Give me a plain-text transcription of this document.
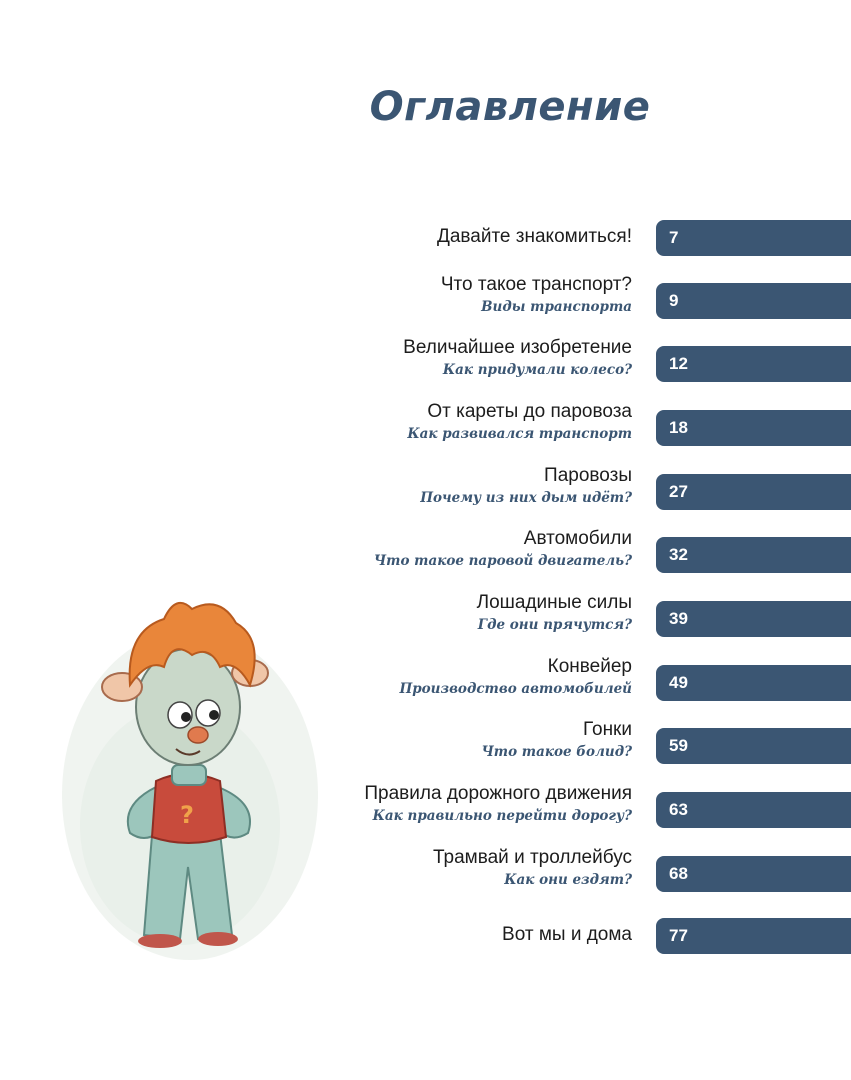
Оглавление
Давайте знакомиться! 7
Что такое транспорт?
Виды транспорта 9
Величайшее изобретение
Как придумали колесо? 12
От кареты до паровоза
Как развивался транспорт 18
Паровозы
Почему из них дым идёт? 27
Автомобили
Что такое паровой двигатель? 32
Лошадиные силы
Где они прячутся? 39
Конвейер
Производство автомобилей 49
Гонки
Что такое болид? 59
Правила дорожного движения
Как правильно перейти дорогу? 63
Трамвай и троллейбус
Как они ездят? 68
Вот мы и дома 77
?
